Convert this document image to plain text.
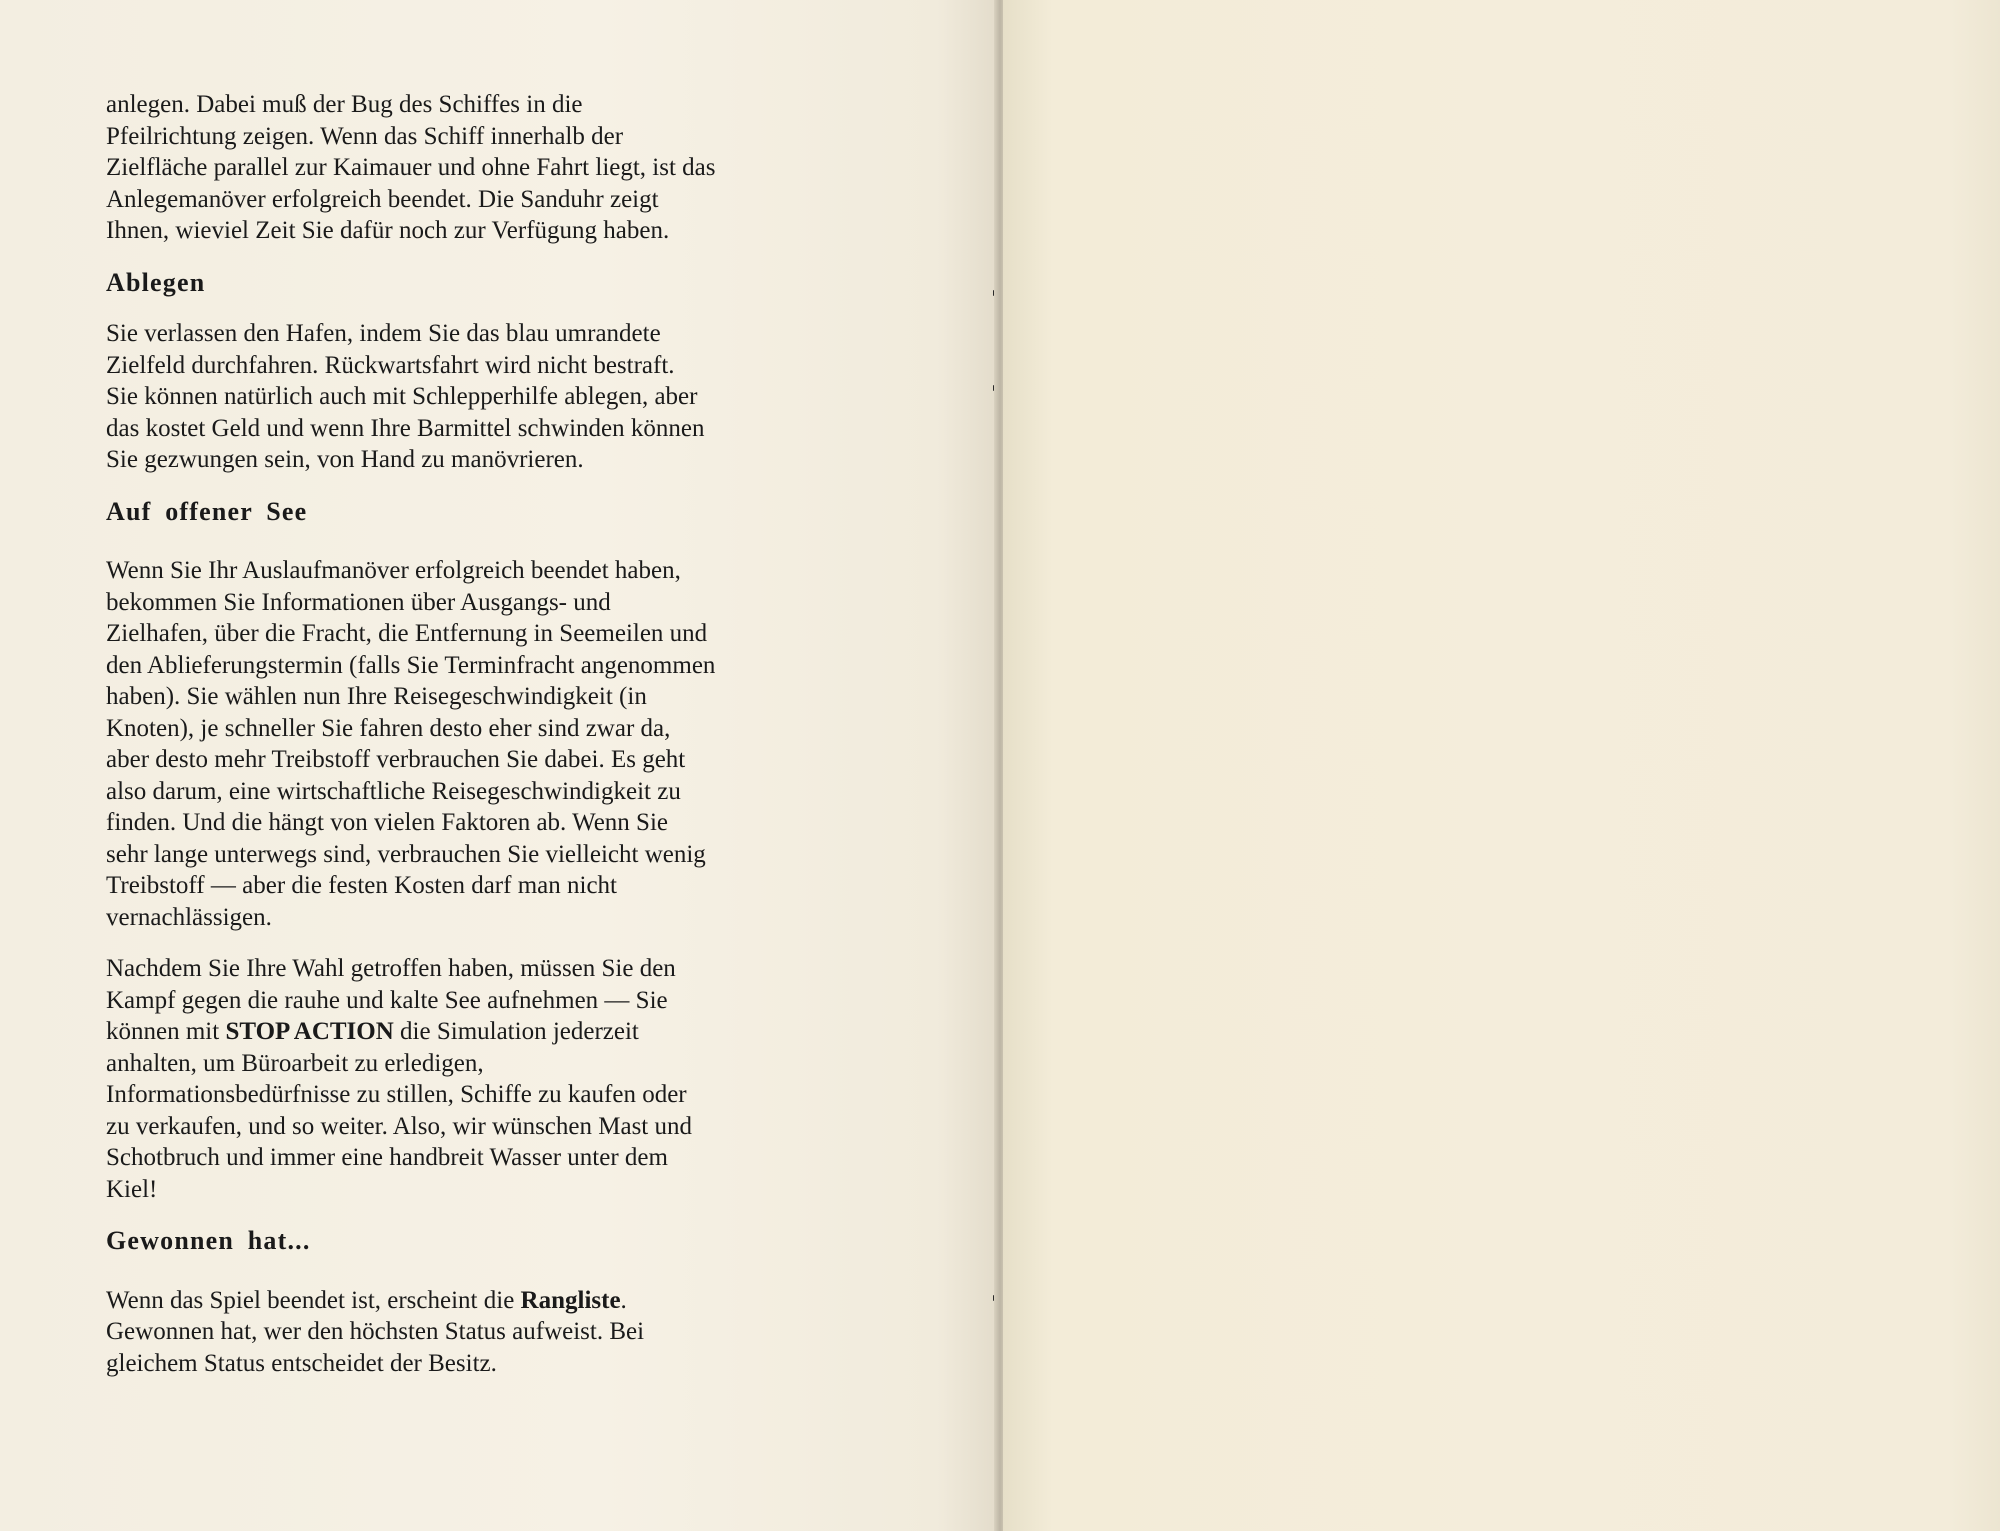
anlegen. Dabei muß der Bug des Schiffes in die
Pfeilrichtung zeigen. Wenn das Schiff innerhalb der
Zielfläche parallel zur Kaimauer und ohne Fahrt liegt, ist das
Anlegemanöver erfolgreich beendet. Die Sanduhr zeigt
Ihnen, wieviel Zeit Sie dafür noch zur Verfügung haben.
Ablegen
Sie verlassen den Hafen, indem Sie das blau umrandete
Zielfeld durchfahren. Rückwartsfahrt wird nicht bestraft.
Sie können natürlich auch mit Schlepperhilfe ablegen, aber
das kostet Geld und wenn Ihre Barmittel schwinden können
Sie gezwungen sein, von Hand zu manövrieren.
Auf offener See
Wenn Sie Ihr Auslaufmanöver erfolgreich beendet haben,
bekommen Sie Informationen über Ausgangs- und
Zielhafen, über die Fracht, die Entfernung in Seemeilen und
den Ablieferungstermin (falls Sie Terminfracht angenommen
haben). Sie wählen nun Ihre Reisegeschwindigkeit (in
Knoten), je schneller Sie fahren desto eher sind zwar da,
aber desto mehr Treibstoff verbrauchen Sie dabei. Es geht
also darum, eine wirtschaftliche Reisegeschwindigkeit zu
finden. Und die hängt von vielen Faktoren ab. Wenn Sie
sehr lange unterwegs sind, verbrauchen Sie vielleicht wenig
Treibstoff — aber die festen Kosten darf man nicht
vernachlässigen.
Nachdem Sie Ihre Wahl getroffen haben, müssen Sie den
Kampf gegen die rauhe und kalte See aufnehmen — Sie
können mit STOP ACTION die Simulation jederzeit
anhalten, um Büroarbeit zu erledigen,
Informationsbedürfnisse zu stillen, Schiffe zu kaufen oder
zu verkaufen, und so weiter. Also, wir wünschen Mast und
Schotbruch und immer eine handbreit Wasser unter dem
Kiel!
Gewonnen hat...
Wenn das Spiel beendet ist, erscheint die Rangliste.
Gewonnen hat, wer den höchsten Status aufweist. Bei
gleichem Status entscheidet der Besitz.
